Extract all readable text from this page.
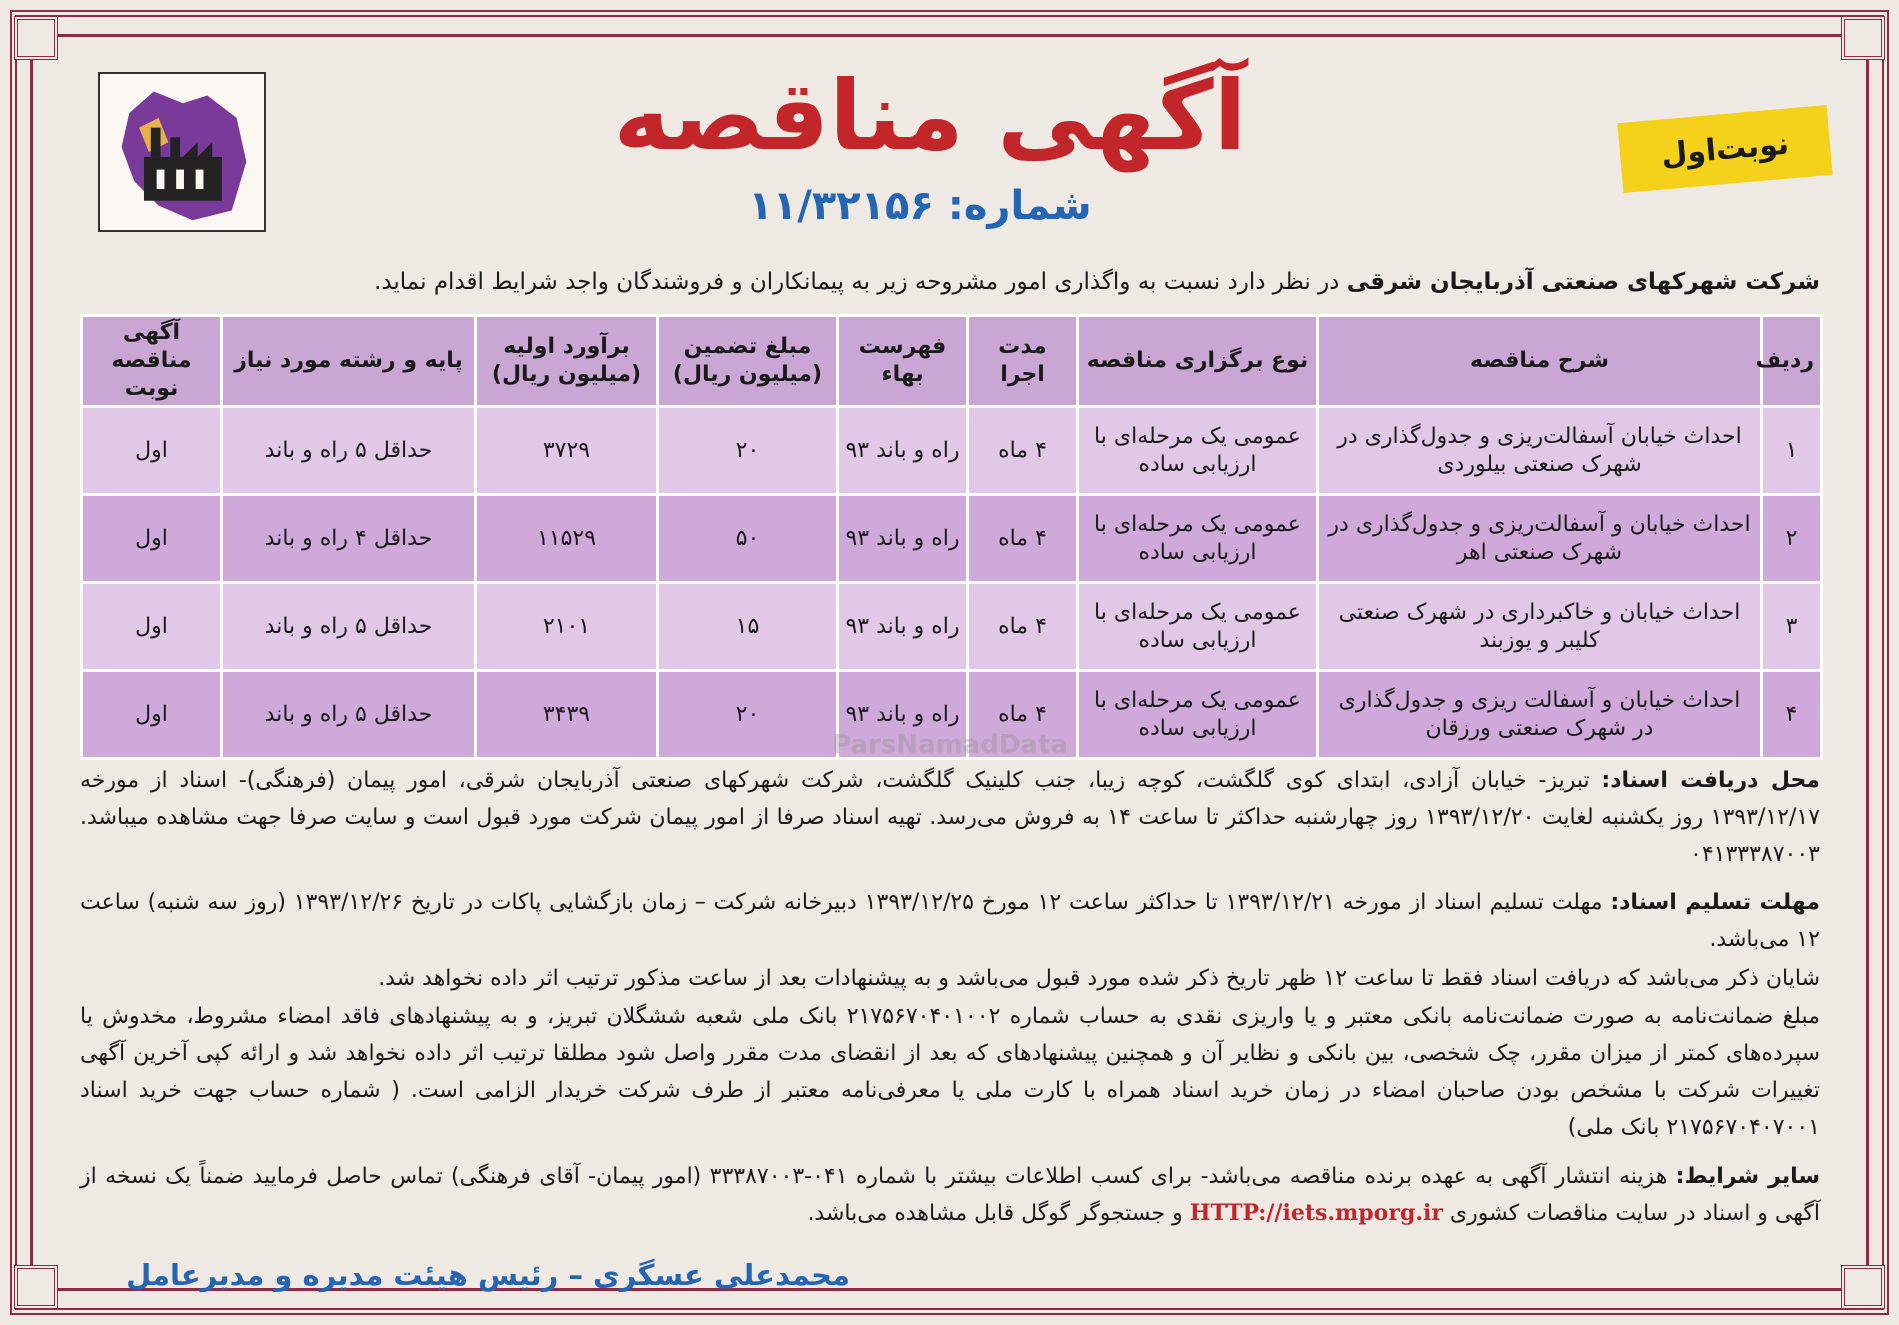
آگهی مناقصه
شماره: ۱۱/۳۲۱۵۶
نوبت‌اول
شرکت شهرکهای صنعتی آذربایجان شرقی در نظر دارد نسبت به واگذاری امور مشروحه زیر به پیمانکاران و فروشندگان واجد شرایط اقدام نماید.
ردیف	شرح مناقصه	نوع برگزاری مناقصه	مدت اجرا	فهرست بهاء	مبلغ تضمین (میلیون ریال)	برآورد اولیه (میلیون ریال)	پایه و رشته مورد نیاز	آگهی مناقصه نوبت
۱	احداث خیابان آسفالت‌ریزی و جدول‌گذاری در شهرک صنعتی بیلوردی	عمومی یک مرحله‌ای با ارزیابی ساده	۴ ماه	راه و باند ۹۳	۲۰	۳۷۲۹	حداقل ۵ راه و باند	اول
۲	احداث خیابان و آسفالت‌ریزی و جدول‌گذاری در شهرک صنعتی اهر	عمومی یک مرحله‌ای با ارزیابی ساده	۴ ماه	راه و باند ۹۳	۵۰	۱۱۵۲۹	حداقل ۴ راه و باند	اول
۳	احداث خیابان و خاکبرداری در شهرک صنعتی کلیبر و یوزبند	عمومی یک مرحله‌ای با ارزیابی ساده	۴ ماه	راه و باند ۹۳	۱۵	۲۱۰۱	حداقل ۵ راه و باند	اول
۴	احداث خیابان و آسفالت ریزی و جدول‌گذاری در شهرک صنعتی ورزقان	عمومی یک مرحله‌ای با ارزیابی ساده	۴ ماه	راه و باند ۹۳	۲۰	۳۴۳۹	حداقل ۵ راه و باند	اول
ParsNamadData
محل دریافت اسناد: تبریز- خیابان آزادی، ابتدای کوی گلگشت، کوچه زیبا، جنب کلینیک گلگشت، شرکت شهرکهای صنعتی آذربایجان شرقی، امور پیمان (فرهنگی)- اسناد از مورخه ۱۳۹۳/۱۲/۱۷ روز یکشنبه لغایت ۱۳۹۳/۱۲/۲۰ روز چهارشنبه حداکثر تا ساعت ۱۴ به فروش می‌رسد. تهیه اسناد صرفا از امور پیمان شرکت مورد قبول است و سایت صرفا جهت مشاهده میباشد. ۰۴۱۳۳۳۸۷۰۰۳
مهلت تسلیم اسناد: مهلت تسلیم اسناد از مورخه ۱۳۹۳/۱۲/۲۱ تا حداکثر ساعت ۱۲ مورخ ۱۳۹۳/۱۲/۲۵ دبیرخانه شرکت – زمان بازگشایی پاکات در تاریخ ۱۳۹۳/۱۲/۲۶ (روز سه شنبه) ساعت ۱۲ می‌باشد.
شایان ذکر می‌باشد که دریافت اسناد فقط تا ساعت ۱۲ ظهر تاریخ ذکر شده مورد قبول می‌باشد و به پیشنهادات بعد از ساعت مذکور ترتیب اثر داده نخواهد شد.
مبلغ ضمانت‌نامه به صورت ضمانت‌نامه بانکی معتبر و یا واریزی نقدی به حساب شماره ۲۱۷۵۶۷۰۴۰۱۰۰۲ بانک ملی شعبه ششگلان تبریز، و به پیشنهادهای فاقد امضاء مشروط، مخدوش یا سپرده‌های کمتر از میزان مقرر، چک شخصی، بین بانکی و نظایر آن و همچنین پیشنهادهای که بعد از انقضای مدت مقرر واصل شود مطلقا ترتیب اثر داده نخواهد شد و ارائه کپی آخرین آگهی تغییرات شرکت با مشخص بودن صاحبان امضاء در زمان خرید اسناد همراه با کارت ملی یا معرفی‌نامه معتبر از طرف شرکت خریدار الزامی است. ( شماره حساب جهت خرید اسناد ۲۱۷۵۶۷۰۴۰۷۰۰۱ بانک ملی)
سایر شرایط: هزینه انتشار آگهی به عهده برنده مناقصه می‌باشد- برای کسب اطلاعات بیشتر با شماره ۰۴۱-۳۳۳۸۷۰۰۳ (امور پیمان- آقای فرهنگی) تماس حاصل فرمایید ضمناً یک نسخه از آگهی و اسناد در سایت مناقصات کشوری HTTP://iets.mporg.ir و جستجوگر گوگل قابل مشاهده می‌باشد.
محمدعلی عسگری – رئیس هیئت مدیره و مدیرعامل
